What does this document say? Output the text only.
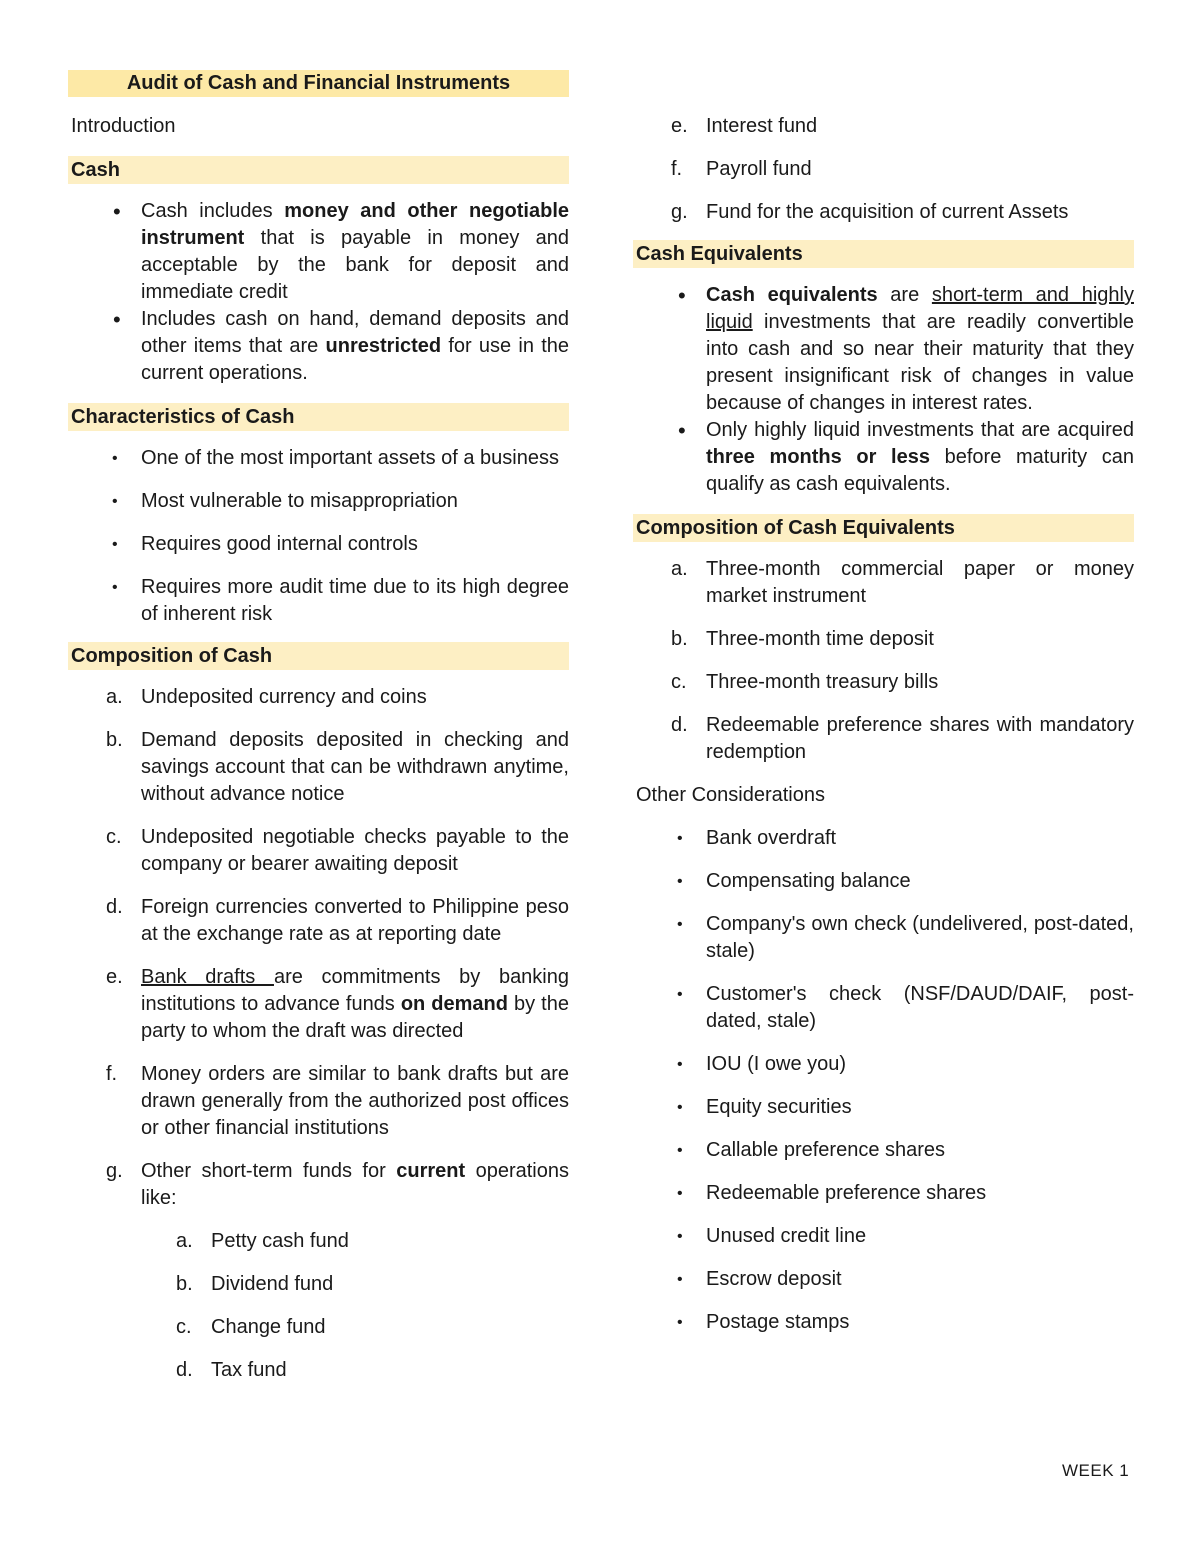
Audit of Cash and Financial Instruments
Introduction
Cash
• Cash includes money and other negotiable instrument that is payable in money and acceptable by the bank for deposit and immediate credit
• Includes cash on hand, demand deposits and other items that are unrestricted for use in the current operations.
Characteristics of Cash
• One of the most important assets of a business
• Most vulnerable to misappropriation
• Requires good internal controls
• Requires more audit time due to its high degree of inherent risk
Composition of Cash
a. Undeposited currency and coins
b. Demand deposits deposited in checking and savings account that can be withdrawn anytime, without advance notice
c. Undeposited negotiable checks payable to the company or bearer awaiting deposit
d. Foreign currencies converted to Philippine peso at the exchange rate as at reporting date
e. Bank drafts are commitments by banking institutions to advance funds on demand by the party to whom the draft was directed
f. Money orders are similar to bank drafts but are drawn generally from the authorized post offices or other financial institutions
g. Other short-term funds for current operations like:
a. Petty cash fund
b. Dividend fund
c. Change fund
d. Tax fund
e. Interest fund
f. Payroll fund
g. Fund for the acquisition of current Assets
Cash Equivalents
• Cash equivalents are short-term and highly liquid investments that are readily convertible into cash and so near their maturity that they present insignificant risk of changes in value because of changes in interest rates.
• Only highly liquid investments that are acquired three months or less before maturity can qualify as cash equivalents.
Composition of Cash Equivalents
a. Three-month commercial paper or money market instrument
b. Three-month time deposit
c. Three-month treasury bills
d. Redeemable preference shares with mandatory redemption
Other Considerations
• Bank overdraft
• Compensating balance
• Company's own check (undelivered, post-dated, stale)
• Customer's check (NSF/DAUD/DAIF, post-dated, stale)
• IOU (I owe you)
• Equity securities
• Callable preference shares
• Redeemable preference shares
• Unused credit line
• Escrow deposit
• Postage stamps
WEEK 1
